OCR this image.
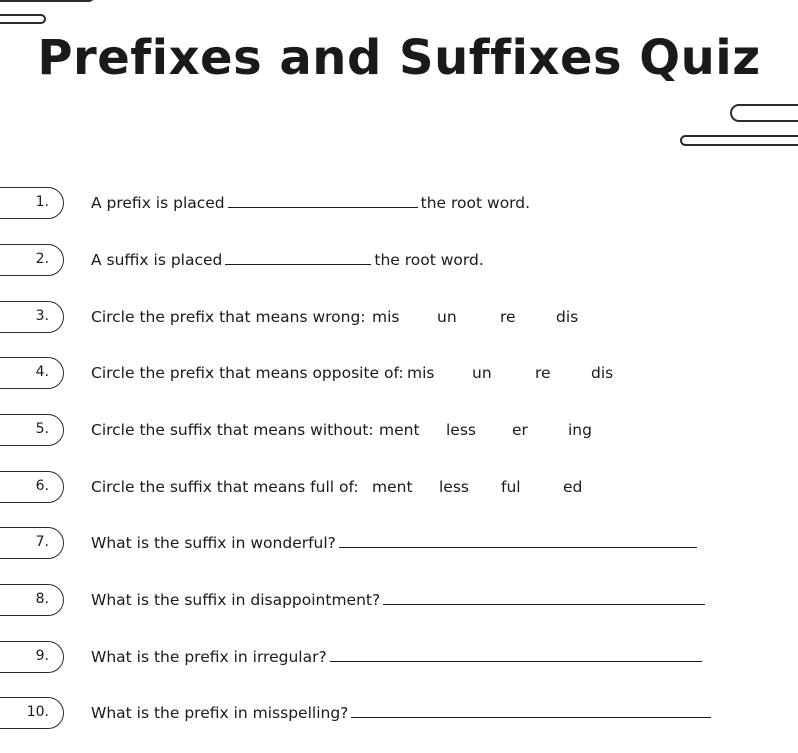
Prefixes and Suffixes Quiz
1.	A prefix is placed	the root word.
2.	A suffix is placed	the root word.
3.	Circle the prefix that means wrong: mis un	re	dis
4.	Circle the prefix that means opposite of: mis un	re	dis
5.	Circle the suffix that means without: ment less er	ing
6.	Circle the suffix that means full of: ment less ful	ed
7.	What is the suffix in wonderful?
8.	What is the suffix in disappointment?
9.	What is the prefix in irregular?
10.	What is the prefix in misspelling?
